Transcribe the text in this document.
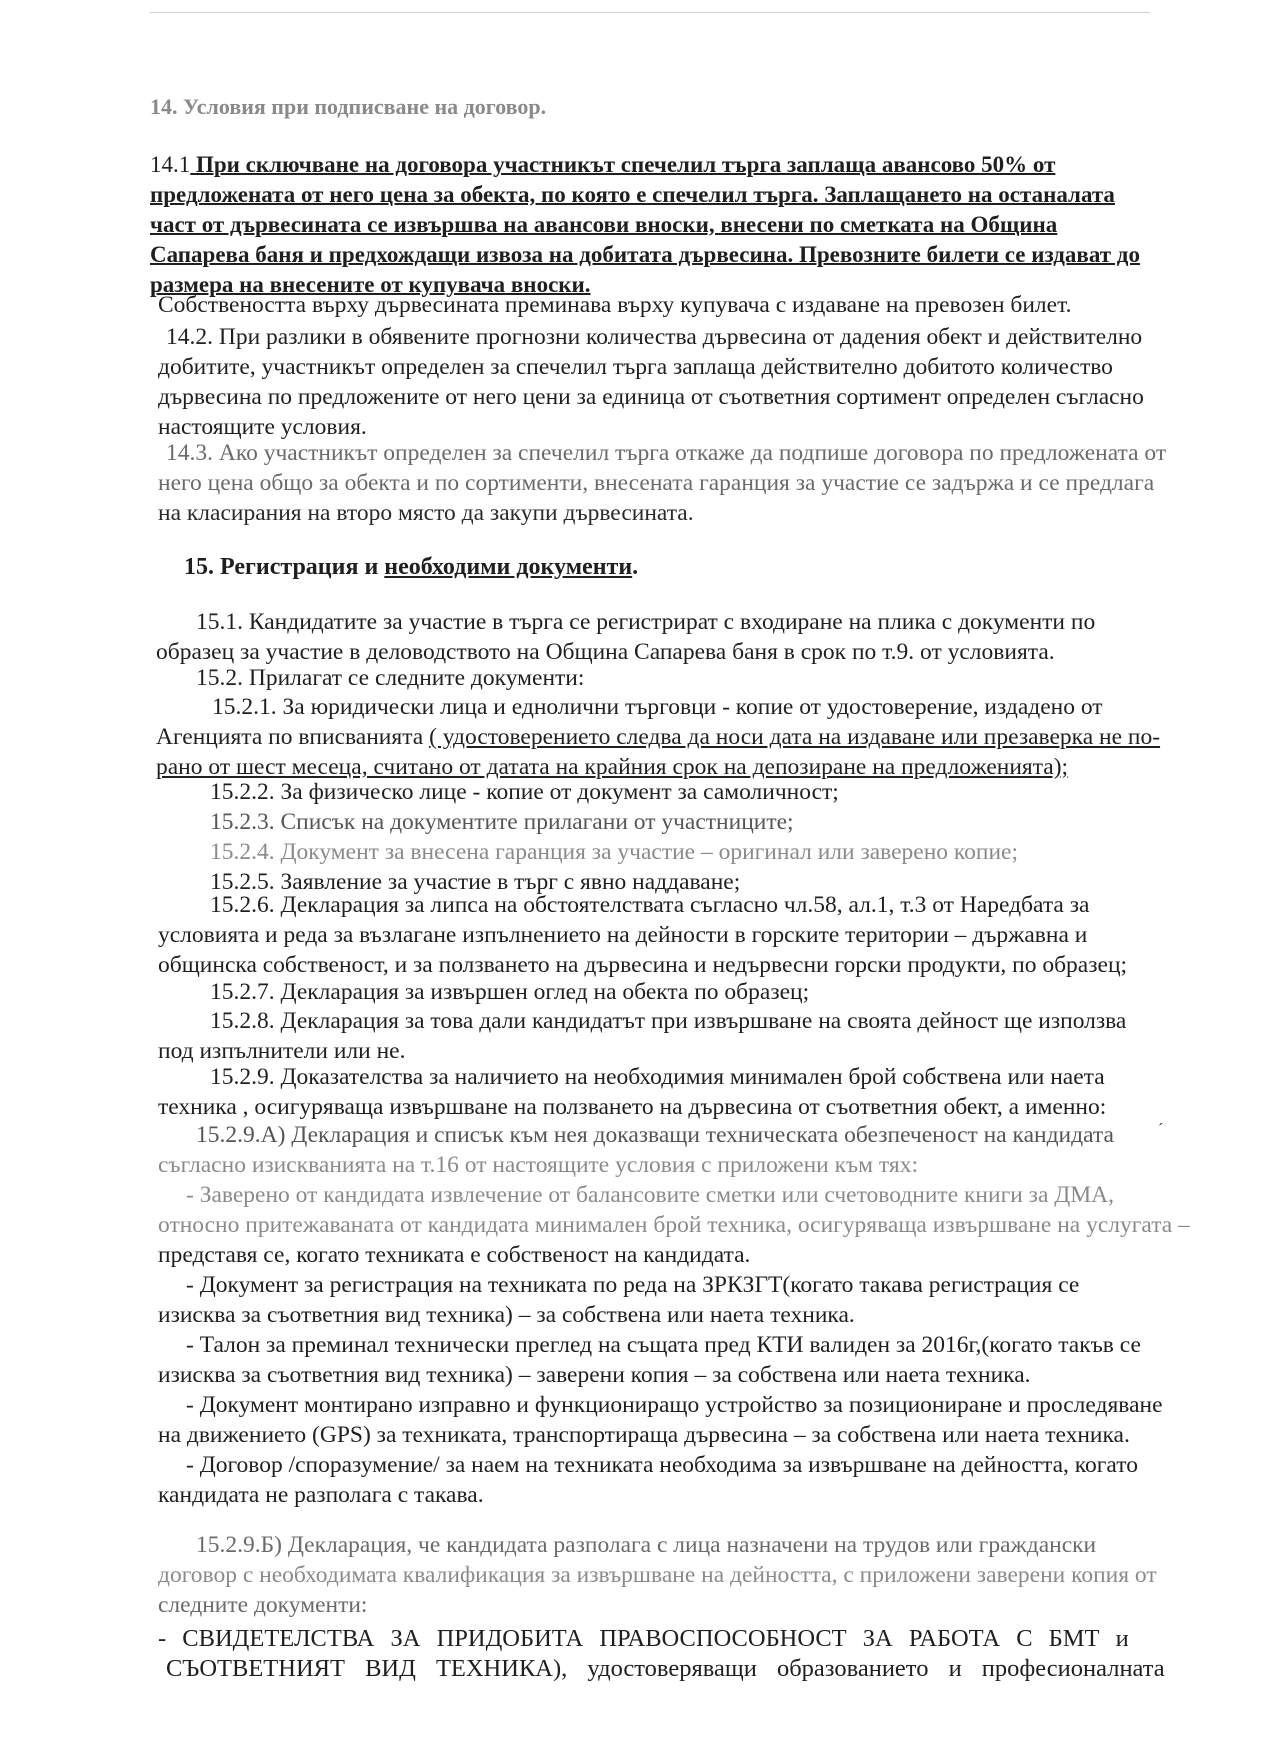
14. Условия при подписване на договор.
14.1 При сключване на договора участникът спечелил търга заплаща авансово 50% от
предложената от него цена за обекта, по която е спечелил търга. Заплащането на останалата
част от дървесината се извършва на авансови вноски, внесени по сметката на Община
Сапарева баня и предхождащи извоза на добитата дървесина. Превозните билети се издават до
размера на внесените от купувача вноски.
Собствеността върху дървесината преминава върху купувача с издаване на превозен билет.
14.2. При разлики в обявените прогнозни количества дървесина от дадения обект и действително
добитите, участникът определен за спечелил търга заплаща действително добитото количество
дървесина по предложените от него цени за единица от съответния сортимент определен съгласно
настоящите условия.
14.3. Ако участникът определен за спечелил търга откаже да подпише договора по предложената от
него цена общо за обекта и по сортименти, внесената гаранция за участие се задържа и се предлага
на класирания на второ място да закупи дървесината.
15. Регистрация и необходими документи.
15.1. Кандидатите за участие в търга се регистрират с входиране на плика с документи по
образец за участие в деловодството на Община Сапарева баня в срок по т.9. от условията.
15.2. Прилагат се следните документи:
15.2.1. За юридически лица и еднолични търговци - копие от удостоверение, издадено от
Агенцията по вписванията ( удостоверението следва да носи дата на издаване или презаверка не по-
рано от шест месеца, считано от датата на крайния срок на депозиране на предложенията);
15.2.2. За физическо лице - копие от документ за самоличност;
15.2.3. Списък на документите прилагани от участниците;
15.2.4. Документ за внесена гаранция за участие – оригинал или заверено копие;
15.2.5. Заявление за участие в търг с явно наддаване;
15.2.6. Декларация за липса на обстоятелствата съгласно чл.58, ал.1, т.3 от Наредбата за
условията и реда за възлагане изпълнението на дейности в горските територии – държавна и
общинска собственост, и за ползването на дървесина и недървесни горски продукти, по образец;
15.2.7. Декларация за извършен оглед на обекта по образец;
15.2.8. Декларация за това дали кандидатът при извършване на своята дейност ще използва
под изпълнители или не.
15.2.9. Доказателства за наличието на необходимия минимален брой собствена или наета
техника , осигуряваща извършване на ползването на дървесина от съответния обект, а именно:
15.2.9.А) Декларация и списък към нея доказващи техническата обезпеченост на кандидата
съгласно изискванията на т.16 от настоящите условия с приложени към тях:
ˊ
- Заверено от кандидата извлечение от балансовите сметки или счетоводните книги за ДМА,
относно притежаваната от кандидата минимален брой техника, осигуряваща извършване на услугата –
представя се, когато техниката е собственост на кандидата.
- Документ за регистрация на техниката по реда на ЗРКЗГТ(когато такава регистрация се
изисква за съответния вид техника) – за собствена или наета техника.
- Талон за преминал технически преглед на същата пред КТИ валиден за 2016г,(когато такъв се
изисква за съответния вид техника) – заверени копия – за собствена или наета техника.
- Документ монтирано изправно и функциониращо устройство за позициониране и проследяване
на движението (GPS) за техниката, транспортираща дървесина – за собствена или наета техника.
- Договор /споразумение/ за наем на техниката необходима за извършване на дейността, когато
кандидата не разполага с такава.
15.2.9.Б) Декларация, че кандидата разполага с лица назначени на трудов или граждански
договор с необходимата квалификация за извършване на дейността, с приложени заверени копия от
следните документи:
- СВИДЕТЕЛСТВА ЗА ПРИДОБИТА ПРАВОСПОСОБНОСТ ЗА РАБОТА С БМТ и
СЪОТВЕТНИЯТ ВИД ТЕХНИКА), удостоверяващи образованието и професионалната
